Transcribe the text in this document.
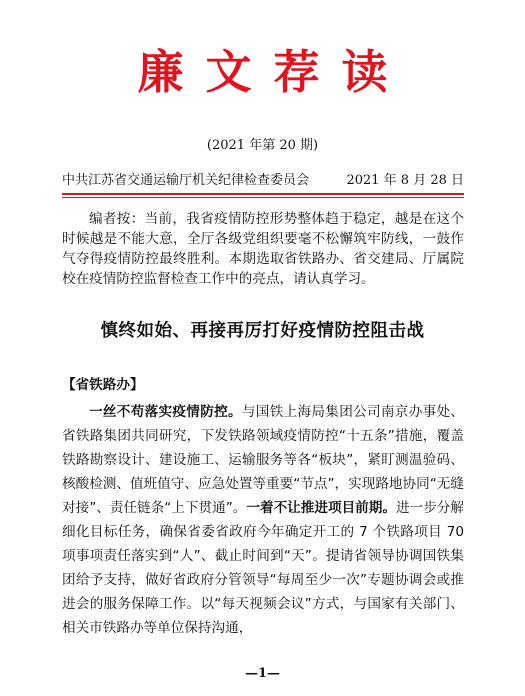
廉文荐读
(2021 年第 20 期)
中共江苏省交通运输厅机关纪律检查委员会	2021 年 8 月 28 日
编者按：当前，我省疫情防控形势整体趋于稳定，越是在这个时候越是不能大意，全厅各级党组织要毫不松懈筑牢防线，一鼓作气夺得疫情防控最终胜利。本期选取省铁路办、省交建局、厅属院校在疫情防控监督检查工作中的亮点，请认真学习。
慎终如始、再接再厉打好疫情防控阻击战
【省铁路办】
一丝不苟落实疫情防控。与国铁上海局集团公司南京办事处、省铁路集团共同研究，下发铁路领域疫情防控“十五条”措施，覆盖铁路勘察设计、建设施工、运输服务等各“板块”，紧盯测温验码、核酸检测、值班值守、应急处置等重要“节点”，实现路地协同“无缝对接”、责任链条“上下贯通”。一着不让推进项目前期。进一步分解细化目标任务，确保省委省政府今年确定开工的 7 个铁路项目 70 项事项责任落实到“人”、截止时间到“天”。提请省领导协调国铁集团给予支持，做好省政府分管领导“每周至少一次”专题协调会或推进会的服务保障工作。以“每天视频会议”方式，与国家有关部门、相关市铁路办等单位保持沟通，
—1—
